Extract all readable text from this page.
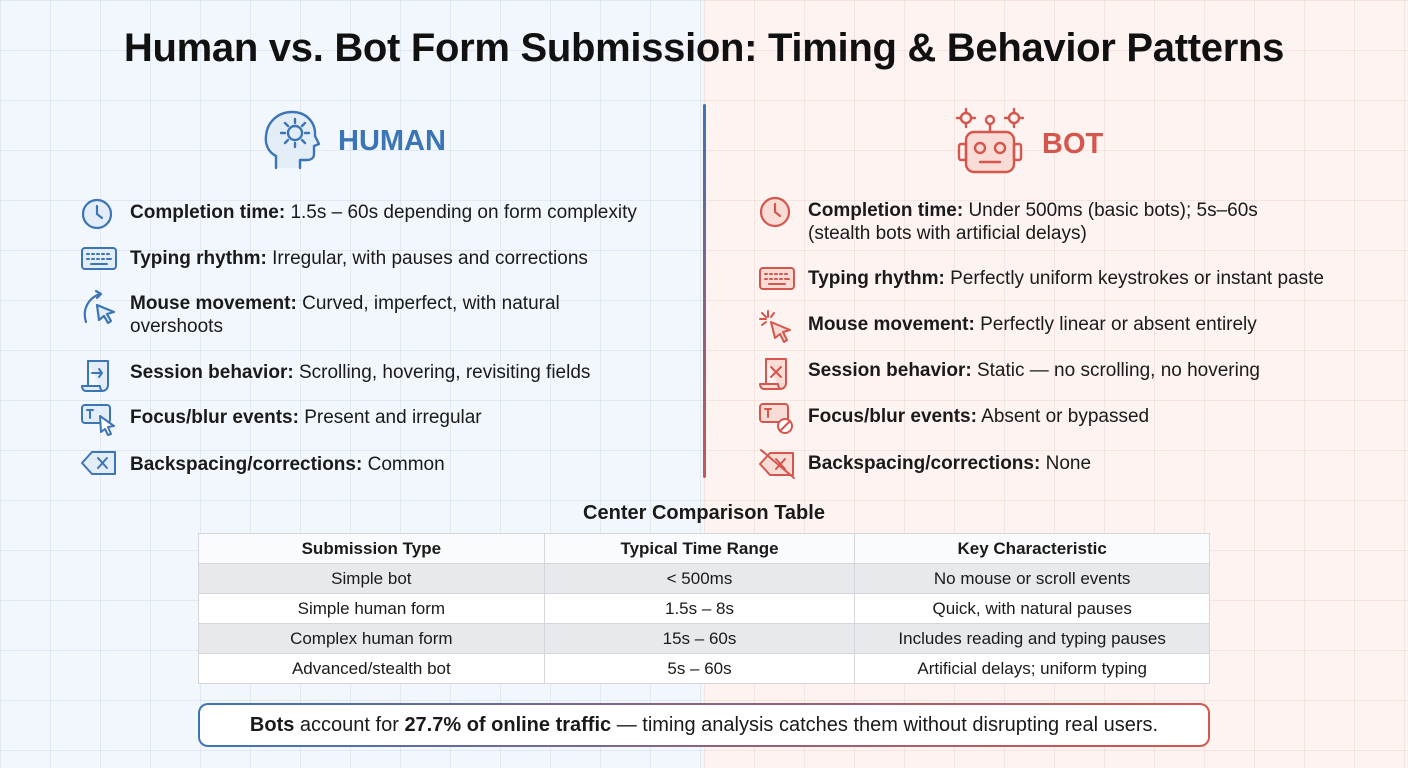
Human vs. Bot Form Submission: Timing & Behavior Patterns
HUMAN	BOT
Completion time: 1.5s – 60s depending on form complexity
Typing rhythm: Irregular, with pauses and corrections
Mouse movement: Curved, imperfect, with natural overshoots
Session behavior: Scrolling, hovering, revisiting fields
Focus/blur events: Present and irregular
Backspacing/corrections: Common
Completion time: Under 500ms (basic bots); 5s–60s (stealth bots with artificial delays)
Typing rhythm: Perfectly uniform keystrokes or instant paste
Mouse movement: Perfectly linear or absent entirely
Session behavior: Static — no scrolling, no hovering
Focus/blur events: Absent or bypassed
Backspacing/corrections: None
Center Comparison Table
Submission Type	Typical Time Range	Key Characteristic
Simple bot	< 500ms	No mouse or scroll events
Simple human form	1.5s – 8s	Quick, with natural pauses
Complex human form	15s – 60s	Includes reading and typing pauses
Advanced/stealth bot	5s – 60s	Artificial delays; uniform typing
Bots account for 27.7% of online traffic — timing analysis catches them without disrupting real users.
